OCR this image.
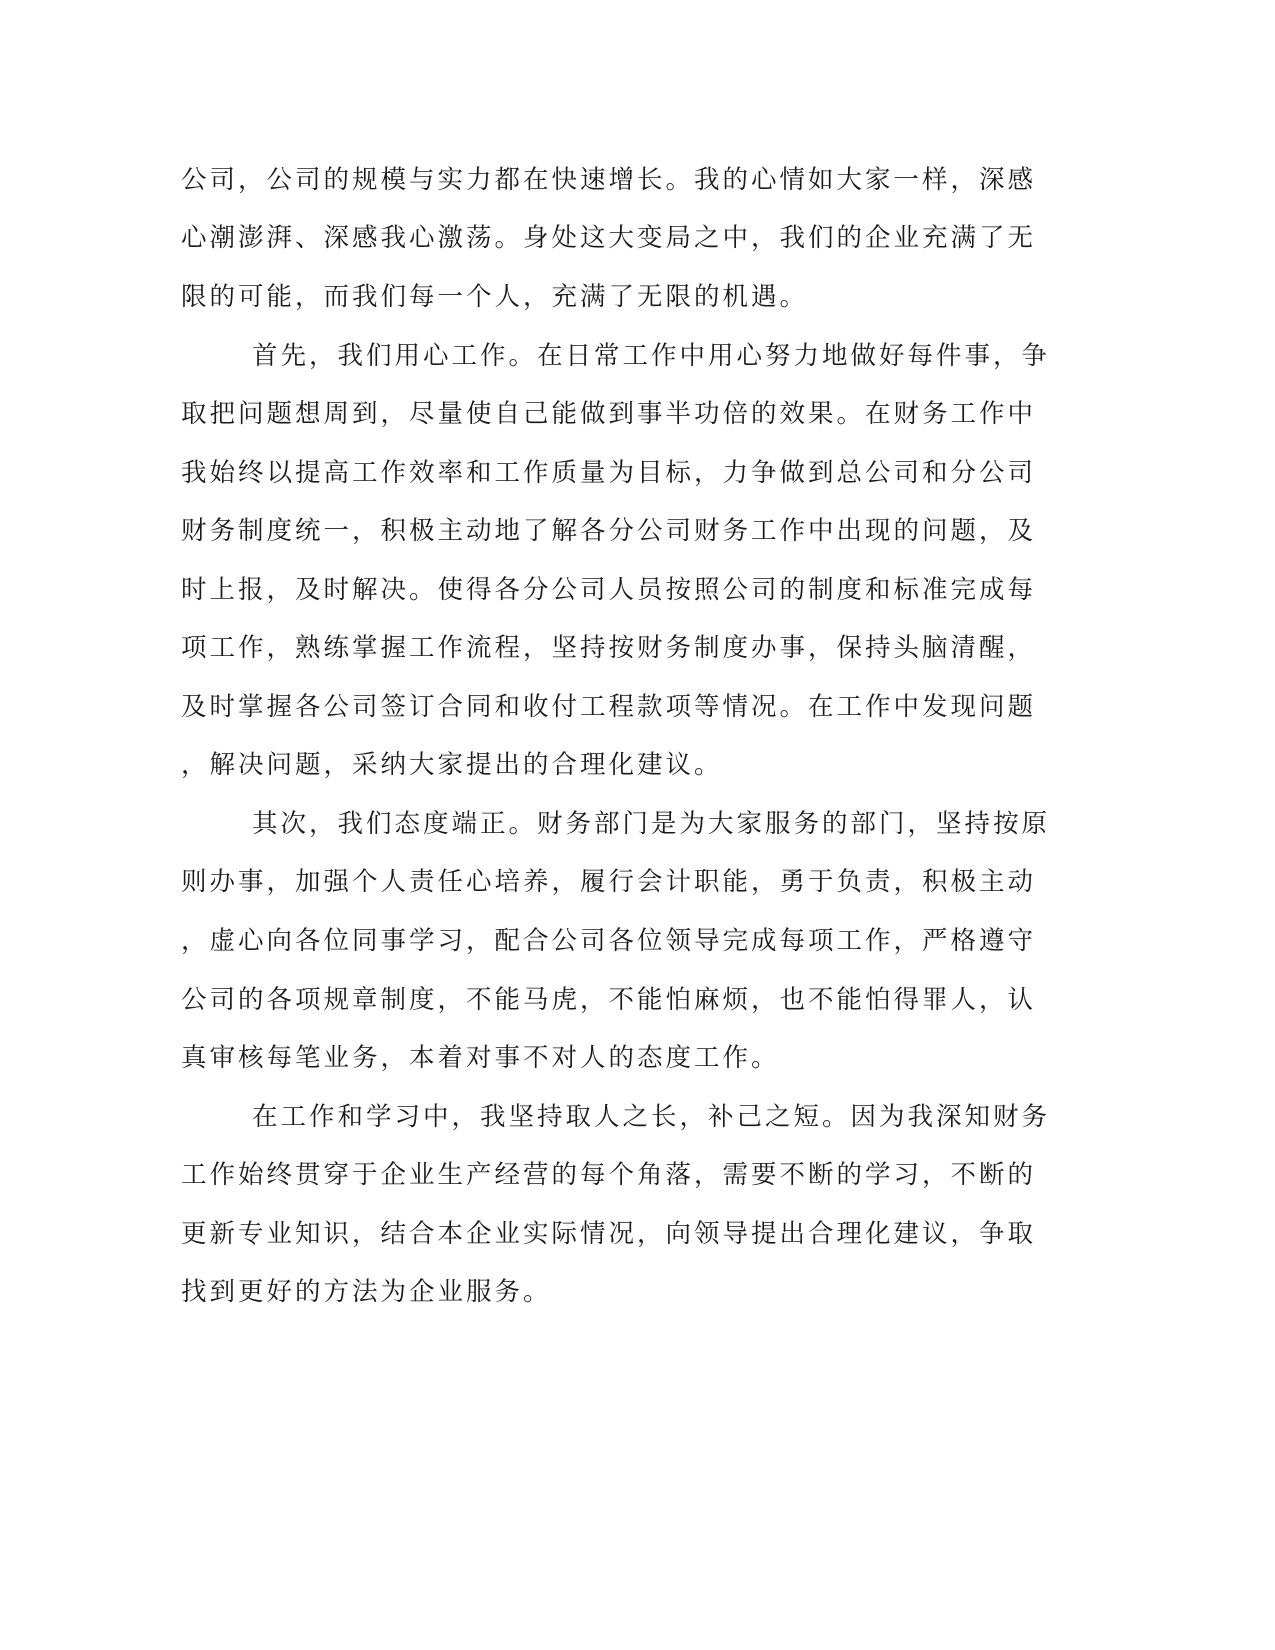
公司，公司的规模与实力都在快速增长。我的心情如大家一样，深感
心潮澎湃、深感我心激荡。身处这大变局之中，我们的企业充满了无
限的可能，而我们每一个人，充满了无限的机遇。
首先，我们用心工作。在日常工作中用心努力地做好每件事，争
取把问题想周到，尽量使自己能做到事半功倍的效果。在财务工作中
我始终以提高工作效率和工作质量为目标，力争做到总公司和分公司
财务制度统一，积极主动地了解各分公司财务工作中出现的问题，及
时上报，及时解决。使得各分公司人员按照公司的制度和标准完成每
项工作，熟练掌握工作流程，坚持按财务制度办事，保持头脑清醒，
及时掌握各公司签订合同和收付工程款项等情况。在工作中发现问题
，解决问题，采纳大家提出的合理化建议。
其次，我们态度端正。财务部门是为大家服务的部门，坚持按原
则办事，加强个人责任心培养，履行会计职能，勇于负责，积极主动
，虚心向各位同事学习，配合公司各位领导完成每项工作，严格遵守
公司的各项规章制度，不能马虎，不能怕麻烦，也不能怕得罪人，认
真审核每笔业务，本着对事不对人的态度工作。
在工作和学习中，我坚持取人之长，补己之短。因为我深知财务
工作始终贯穿于企业生产经营的每个角落，需要不断的学习，不断的
更新专业知识，结合本企业实际情况，向领导提出合理化建议，争取
找到更好的方法为企业服务。
